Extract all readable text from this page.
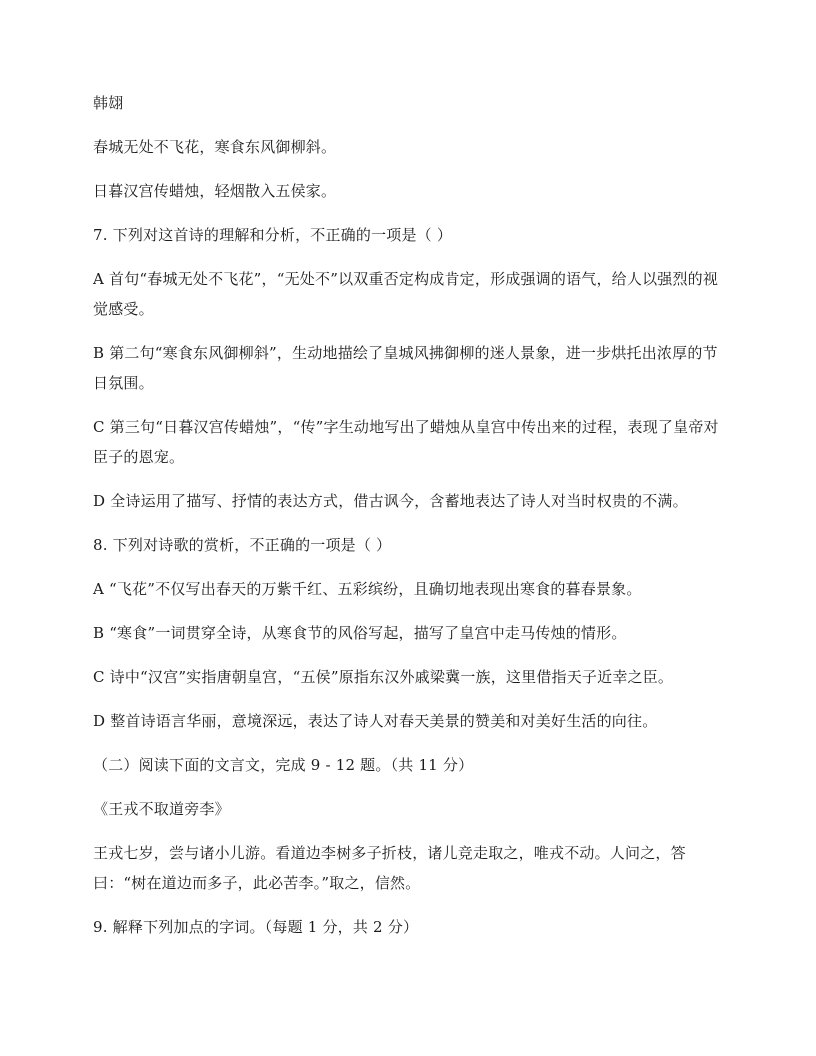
韩翃

春城无处不飞花，寒食东风御柳斜。

日暮汉宫传蜡烛，轻烟散入五侯家。

7. 下列对这首诗的理解和分析，不正确的一项是（ ）

A 首句“春城无处不飞花”，“无处不”以双重否定构成肯定，形成强调的语气，给人以强烈的视觉感受。

B 第二句“寒食东风御柳斜”，生动地描绘了皇城风拂御柳的迷人景象，进一步烘托出浓厚的节日氛围。

C 第三句“日暮汉宫传蜡烛”，“传”字生动地写出了蜡烛从皇宫中传出来的过程，表现了皇帝对臣子的恩宠。

D 全诗运用了描写、抒情的表达方式，借古讽今，含蓄地表达了诗人对当时权贵的不满。

8. 下列对诗歌的赏析，不正确的一项是（ ）

A “飞花”不仅写出春天的万紫千红、五彩缤纷，且确切地表现出寒食的暮春景象。

B “寒食”一词贯穿全诗，从寒食节的风俗写起，描写了皇宫中走马传烛的情形。

C 诗中“汉宫”实指唐朝皇宫，“五侯”原指东汉外戚梁冀一族，这里借指天子近幸之臣。

D 整首诗语言华丽，意境深远，表达了诗人对春天美景的赞美和对美好生活的向往。

（二）阅读下面的文言文，完成 9 - 12 题。（共 11 分）

《王戎不取道旁李》

王戎七岁，尝与诸小儿游。看道边李树多子折枝，诸儿竞走取之，唯戎不动。人问之，答曰：“树在道边而多子，此必苦李。”取之，信然。

9. 解释下列加点的字词。（每题 1 分，共 2 分）
